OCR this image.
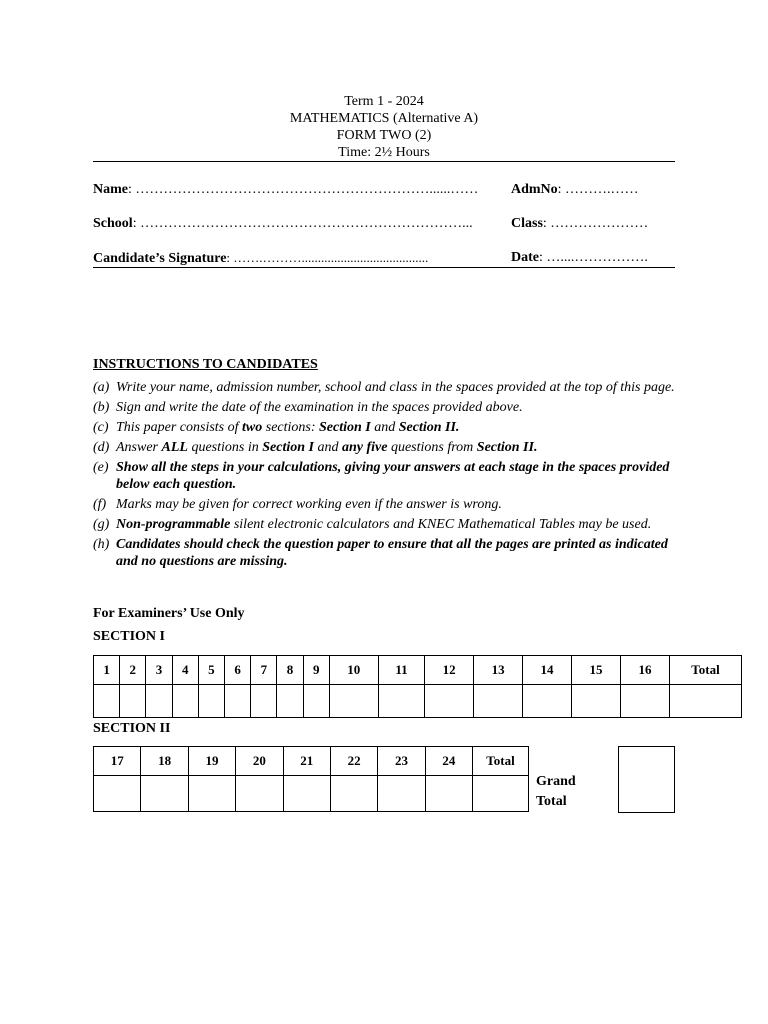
Term 1 - 2024
MATHEMATICS (Alternative A)
FORM TWO (2)
Time: 2½ Hours
Name: ………………………………………………………......…… AdmNo: ……….……
School: ……………………………………………………………...	Class: …………………
Candidate’s Signature: …….……….......................................	Date: …....…………….
INSTRUCTIONS TO CANDIDATES
(a) Write your name, admission number, school and class in the spaces provided at the top of this page.
(b) Sign and write the date of the examination in the spaces provided above.
(c) This paper consists of two sections: Section I and Section II.
(d) Answer ALL questions in Section I and any five questions from Section II.
(e) Show all the steps in your calculations, giving your answers at each stage in the spaces provided below each question.
(f) Marks may be given for correct working even if the answer is wrong.
(g) Non-programmable silent electronic calculators and KNEC Mathematical Tables may be used.
(h) Candidates should check the question paper to ensure that all the pages are printed as indicated and no questions are missing.
For Examiners’ Use Only
SECTION I
1	2	3	4	5	6	7	8	9	10	11	12	13	14	15	16	Total

SECTION II
17	18	19	20	21	22	23	24	Total

Grand
Total
